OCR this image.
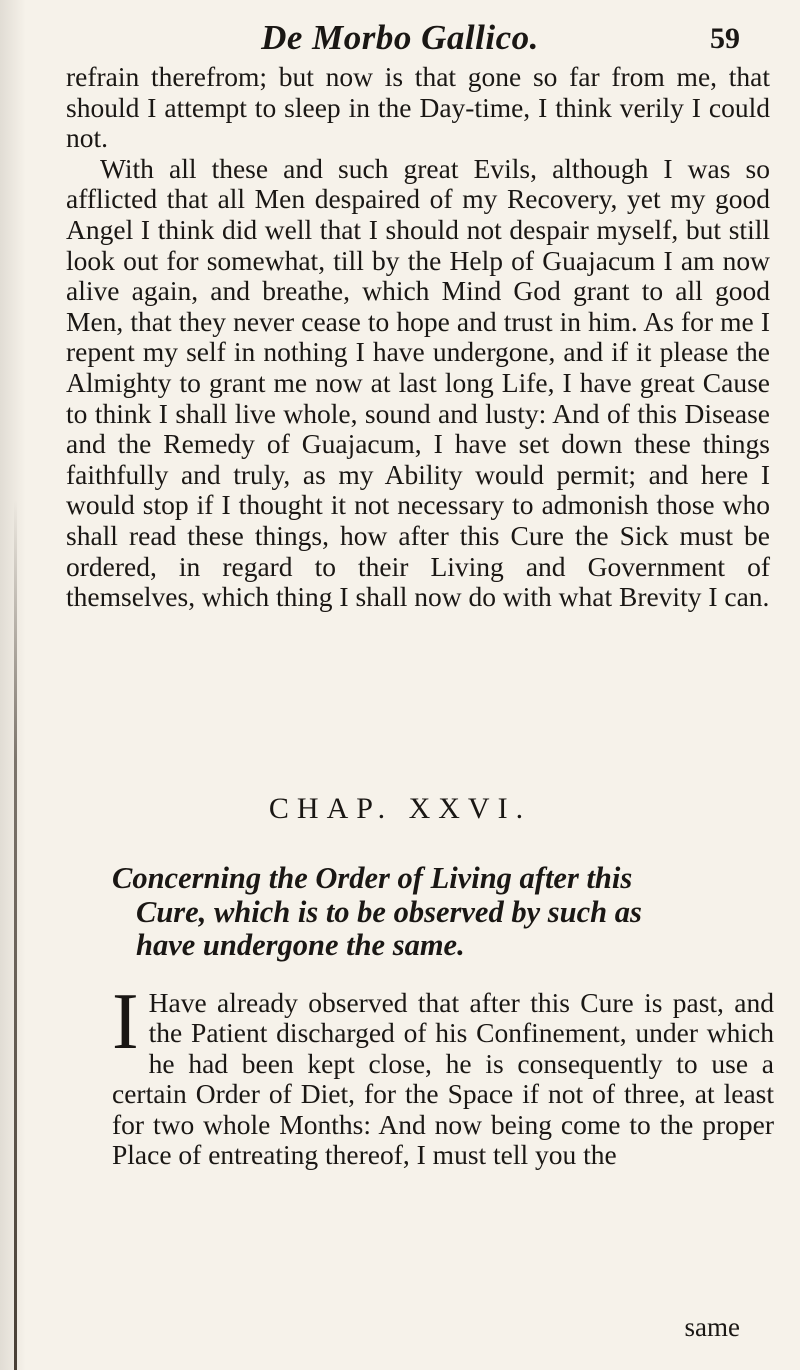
De Morbo Gallico.	59

refrain therefrom; but now is that gone so far from me, that should I attempt to sleep in the Day-time, I think verily I could not.

With all these and such great Evils, although I was so afflicted that all Men despaired of my Recovery, yet my good Angel I think did well that I should not despair myself, but still look out for somewhat, till by the Help of Guajacum I am now alive again, and breathe, which Mind God grant to all good Men, that they never cease to hope and trust in him. As for me I repent my self in nothing I have undergone, and if it please the Almighty to grant me now at last long Life, I have great Cause to think I shall live whole, sound and lusty: And of this Disease and the Remedy of Guajacum, I have set down these things faithfully and truly, as my Ability would permit; and here I would stop if I thought it not necessary to admonish those who shall read these things, how after this Cure the Sick must be ordered, in regard to their Living and Government of themselves, which thing I shall now do with what Brevity I can.

CHAP. XXVI.
Concerning the Order of Living after this
Cure, which is to be observed by such as
have undergone the same.
I Have already observed that after this Cure is past, and the Patient discharged of his Confinement, under which he had been kept close, he is consequently to use a certain Order of Diet, for the Space if not of three, at least for two whole Months: And now being come to the proper Place of entreating thereof, I must tell you the
same
